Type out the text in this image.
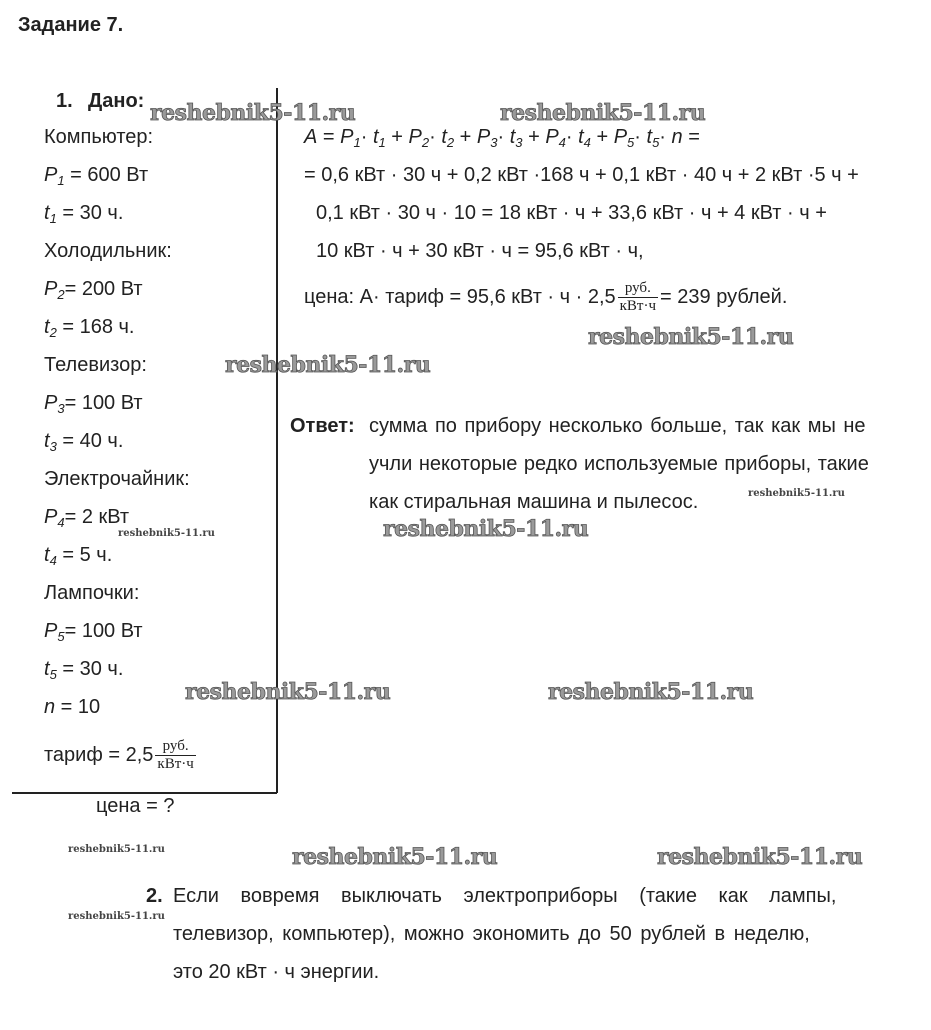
Задание 7.
1. Дано:
Компьютер:
$P_1 = 600$ Вт
$t_1 = 30$ ч.
Холодильник:
$P_2= 200$ Вт
$t_2 = 168$ ч.
Телевизор:
$P_3= 100$ Вт
$t_3 = 40$ ч.
Электрочайник:
$P_4= 2$ кВт
$t_4 = 5$ ч.
Лампочки:
$P_5= 100$ Вт
$t_5 = 30$ ч.
n = 10
тариф = $2,5 \frac{\text{руб.}}{\text{кВт·ч}}$
цена = ?
$A = P_1\cdot t_1 + P_2\cdot t_2 + P_3\cdot t_3 + P_4\cdot t_4 + P_5\cdot t_5\cdot n$ =
= 0,6 кВт · 30 ч + 0,2 кВт ·168 ч + 0,1 кВт · 40 ч + 2 кВт ·5 ч +
0,1 кВт · 30 ч · 10 = 18 кВт · ч + 33,6 кВт · ч + 4 кВт · ч +
10 кВт · ч + 30 кВт · ч = 95,6 кВт · ч,
цена: A· тариф = 95,6 кВт · $ч \cdot 2,5 \frac{\text{руб.}}{\text{кВт·ч}} = 239$ рублей.
Ответ: сумма по прибору несколько больше, так как мы не
учли некоторые редко используемые приборы, такие
как стиральная машина и пылесос.
2. Если вовремя выключать электроприборы (такие как лампы,
телевизор, компьютер), можно экономить до 50 рублей в неделю,
это 20 кВт · ч энергии.
reshebnik5-11.ru	reshebnik5-11.ru
reshebnik5-11.ru
reshebnik5-11.ru
reshebnik5-11.ru
reshebnik5-11.ru	reshebnik5-11.ru
reshebnik5-11.ru	reshebnik5-11.ru
reshebnik5-11.ru
reshebnik5-11.ru
reshebnik5-11.ru
reshebnik5-11.ru
